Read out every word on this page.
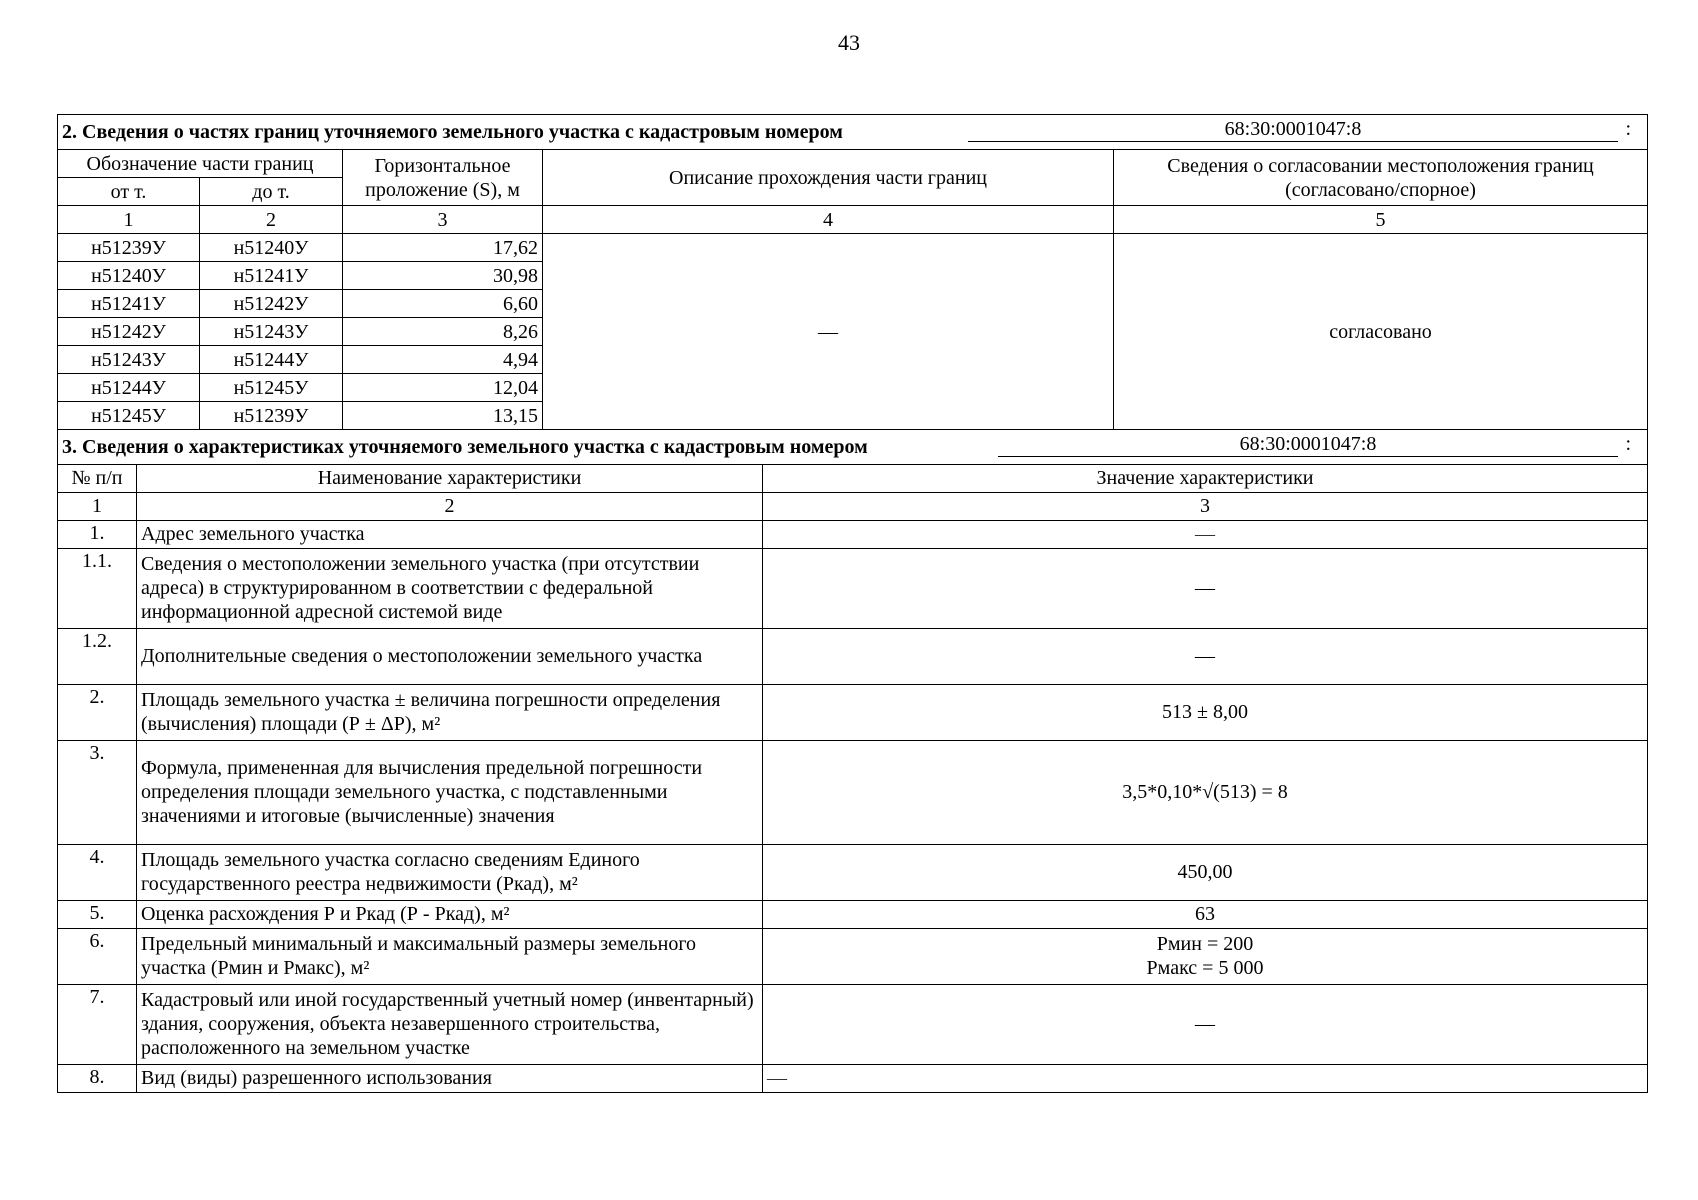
43
2. Сведения о частях границ уточняемого земельного участка с кадастровым номером 68:30:0001047:8 :				

Обозначение части границ		Горизонтальное проложение (S), м	Описание прохождения части границ	Сведения о согласовании местоположения границ (согласовано/спорное)
от т.	до т.			
1	2	3	4	5
н51239У	н51240У	17,62	—	согласовано
н51240У	н51241У	30,98		
н51241У	н51242У	6,60		
н51242У	н51243У	8,26		
н51243У	н51244У	4,94		
н51244У	н51245У	12,04		
н51245У	н51239У	13,15		
3. Сведения о характеристиках уточняемого земельного участка с кадастровым номером 68:30:0001047:8 :		

№ п/п	Наименование характеристики	Значение характеристики
1	2	3
1.	Адрес земельного участка	—
1.1.	Сведения о местоположении земельного участка (при отсутствии адреса) в структурированном в соответствии с федеральной информационной адресной системой виде	—
1.2.	Дополнительные сведения о местоположении земельного участка	—
2.	Площадь земельного участка ± величина погрешности определения (вычисления) площади (Р ± ΔР), м²	513 ± 8,00
3.	Формула, примененная для вычисления предельной погрешности определения площади земельного участка, с подставленными значениями и итоговые (вычисленные) значения	3,5*0,10*√(513) = 8
4.	Площадь земельного участка согласно сведениям Единого государственного реестра недвижимости (Ркад), м²	450,00
5.	Оценка расхождения Р и Ркад (Р - Ркад), м²	63
6.	Предельный минимальный и максимальный размеры земельного участка (Рмин и Рмакс), м²	Рмин = 200
Рмакс = 5 000

7.	Кадастровый или иной государственный учетный номер (инвентарный) здания, сооружения, объекта незавершенного строительства, расположенного на земельном участке	—
8.	Вид (виды) разрешенного использования	—
